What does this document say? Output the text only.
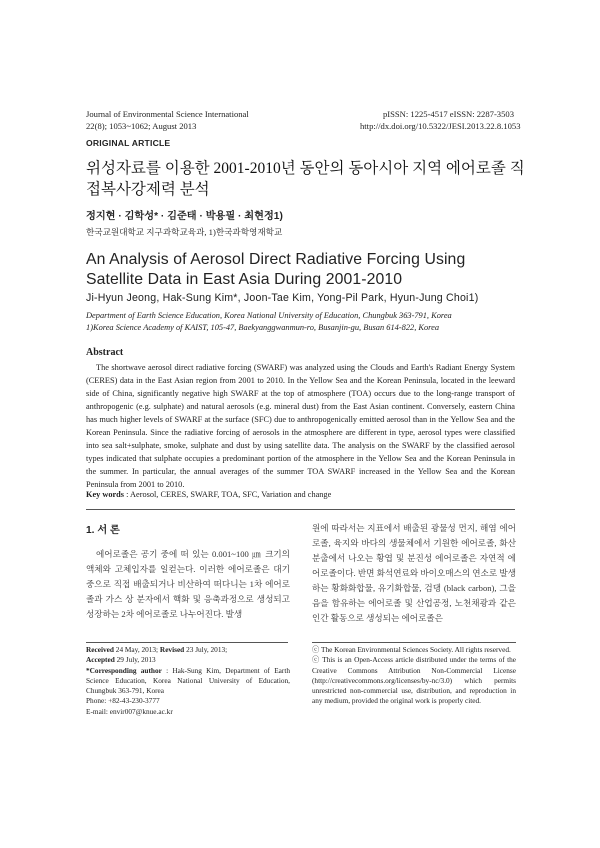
Journal of Environmental Science International
22(8); 1053~1062; August 2013
pISSN: 1225-4517 eISSN: 2287-3503
http://dx.doi.org/10.5322/JESI.2013.22.8.1053
ORIGINAL ARTICLE
위성자료를 이용한 2001-2010년 동안의 동아시아 지역 에어로졸 직접복사강제력 분석
정지현 · 김학성* · 김준태 · 박용필 · 최현정1)
한국교원대학교 지구과학교육과, 1)한국과학영재학교
An Analysis of Aerosol Direct Radiative Forcing Using Satellite Data in East Asia During 2001-2010
Ji-Hyun Jeong, Hak-Sung Kim*, Joon-Tae Kim, Yong-Pil Park, Hyun-Jung Choi1)
Department of Earth Science Education, Korea National University of Education, Chungbuk 363-791, Korea
1)Korea Science Academy of KAIST, 105-47, Baekyanggwanmun-ro, Busanjin-gu, Busan 614-822, Korea
Abstract
The shortwave aerosol direct radiative forcing (SWARF) was analyzed using the Clouds and Earth's Radiant Energy System (CERES) data in the East Asian region from 2001 to 2010. In the Yellow Sea and the Korean Peninsula, located in the leeward side of China, significantly negative high SWARF at the top of atmosphere (TOA) occurs due to the long-range transport of anthropogenic (e.g. sulphate) and natural aerosols (e.g. mineral dust) from the East Asian continent. Conversely, eastern China has much higher levels of SWARF at the surface (SFC) due to anthropogenically emitted aerosol than in the Yellow Sea and the Korean Peninsula. Since the radiative forcing of aerosols in the atmosphere are different in type, aerosol types were classified into sea salt+sulphate, smoke, sulphate and dust by using satellite data. The analysis on the SWARF by the classified aerosol types indicated that sulphate occupies a predominant portion of the atmosphere in the Yellow Sea and the Korean Peninsula in the summer. In particular, the annual averages of the summer TOA SWARF increased in the Yellow Sea and the Korean Peninsula from 2001 to 2010.
Key words : Aerosol, CERES, SWARF, TOA, SFC, Variation and change
1. 서 론
에어로졸은 공기 중에 떠 있는 0.001~100 ㎛ 크기의 액체와 고체입자를 일컫는다. 이러한 에어로졸은 대기 중으로 직접 배출되거나 비산하여 떠다니는 1차 에어로졸과 가스 상 분자에서 핵화 및 응축과정으로 생성되고 성장하는 2차 에어로졸로 나누어진다. 발생
원에 따라서는 지표에서 배출된 광물성 먼지, 해염 에어로졸, 육지와 바다의 생물체에서 기원한 에어로졸, 화산분출에서 나오는 황엽 및 분진성 에어로졸은 자연적 에어로졸이다. 반면 화석연료와 바이오매스의 연소로 발생하는 황화화합물, 유기화합물, 검댕 (black carbon), 그을음을 함유하는 에어로졸 및 산업공정, 노천채광과 같은 인간 활동으로 생성되는 에어로졸은
Received 24 May, 2013; Revised 23 July, 2013;
Accepted 29 July, 2013
*Corresponding author : Hak-Sung Kim, Department of Earth Science Education, Korea National University of Education, Chungbuk 363-791, Korea
Phone: +82-43-230-3777
E-mail: envir007@knue.ac.kr
ⓒ The Korean Environmental Sciences Society. All rights reserved.
ⓒ This is an Open-Access article distributed under the terms of the Creative Commons Attribution Non-Commercial License (http://creativecommons.org/licenses/by-nc/3.0) which permits unrestricted non-commercial use, distribution, and reproduction in any medium, provided the original work is properly cited.
